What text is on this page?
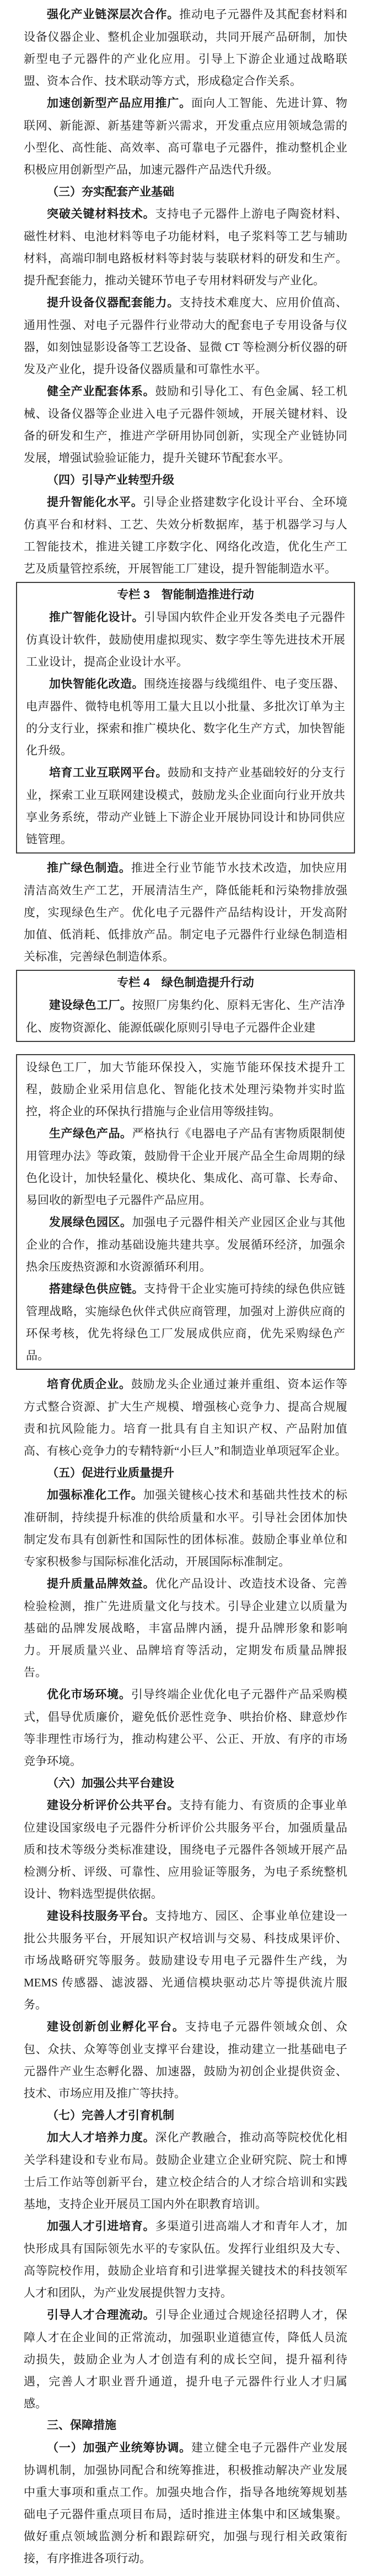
强化产业链深层次合作。推动电子元器件及其配套材料和设备仪器企业、整机企业加强联动，共同开展产品研制，加快新型电子元器件的产业化应用。引导上下游企业通过战略联盟、资本合作、技术联动等方式，形成稳定合作关系。

加速创新型产品应用推广。面向人工智能、先进计算、物联网、新能源、新基建等新兴需求，开发重点应用领域急需的小型化、高性能、高效率、高可靠电子元器件，推动整机企业积极应用创新型产品，加速元器件产品迭代升级。

（三）夯实配套产业基础

突破关键材料技术。支持电子元器件上游电子陶瓷材料、磁性材料、电池材料等电子功能材料，电子浆料等工艺与辅助材料，高端印制电路板材料等封装与装联材料的研发和生产。提升配套能力，推动关键环节电子专用材料研发与产业化。

提升设备仪器配套能力。支持技术难度大、应用价值高、通用性强、对电子元器件行业带动大的配套电子专用设备与仪器，如刻蚀显影设备等工艺设备、显微 CT 等检测分析仪器的研发及产业化，提升设备仪器质量和可靠性水平。

健全产业配套体系。鼓励和引导化工、有色金属、轻工机械、设备仪器等企业进入电子元器件领域，开展关键材料、设备的研发和生产，推进产学研用协同创新，实现全产业链协同发展，增强试验验证能力，提升关键环节配套水平。

（四）引导产业转型升级

提升智能化水平。引导企业搭建数字化设计平台、全环境仿真平台和材料、工艺、失效分析数据库，基于机器学习与人工智能技术，推进关键工序数字化、网络化改造，优化生产工艺及质量管控系统，开展智能工厂建设，提升智能制造水平。

专栏 3　智能制造推进行动

推广智能化设计。引导国内软件企业开发各类电子元器件仿真设计软件，鼓励使用虚拟现实、数字孪生等先进技术开展工业设计，提高企业设计水平。

加快智能化改造。围绕连接器与线缆组件、电子变压器、电声器件、微特电机等用工量大且以小批量、多批次订单为主的分支行业，探索和推广模块化、数字化生产方式，加快智能化升级。

培育工业互联网平台。鼓励和支持产业基础较好的分支行业，探索工业互联网建设模式，鼓励龙头企业面向行业开放共享业务系统，带动产业链上下游企业开展协同设计和协同供应链管理。

推广绿色制造。推进全行业节能节水技术改造，加快应用清洁高效生产工艺，开展清洁生产，降低能耗和污染物排放强度，实现绿色生产。优化电子元器件产品结构设计，开发高附加值、低消耗、低排放产品。制定电子元器件行业绿色制造相关标准，完善绿色制造体系。

专栏 4　绿色制造提升行动

建设绿色工厂。按照厂房集约化、原料无害化、生产洁净化、废物资源化、能源低碳化原则引导电子元器件企业建

设绿色工厂，加大节能环保投入，实施节能环保技术提升工程，鼓励企业采用信息化、智能化技术处理污染物并实时监控，将企业的环保执行措施与企业信用等级挂钩。

生产绿色产品。严格执行《电器电子产品有害物质限制使用管理办法》等政策，鼓励骨干企业开展产品全生命周期的绿色化设计，加快轻量化、模块化、集成化、高可靠、长寿命、易回收的新型电子元器件产品应用。

发展绿色园区。加强电子元器件相关产业园区企业与其他企业的合作，推动基础设施共建共享。发展循环经济，加强余热余压废热资源和水资源循环利用。

搭建绿色供应链。支持骨干企业实施可持续的绿色供应链管理战略，实施绿色伙伴式供应商管理，加强对上游供应商的环保考核，优先将绿色工厂发展成供应商，优先采购绿色产品。

培育优质企业。鼓励龙头企业通过兼并重组、资本运作等方式整合资源、扩大生产规模、增强核心竞争力、提高合规履责和抗风险能力。培育一批具有自主知识产权、产品附加值高、有核心竞争力的专精特新“小巨人”和制造业单项冠军企业。

（五）促进行业质量提升

加强标准化工作。加强关键核心技术和基础共性技术的标准研制，持续提升标准的供给质量和水平。引导社会团体加快制定发布具有创新性和国际性的团体标准。鼓励企事业单位和专家积极参与国际标准化活动，开展国际标准制定。

提升质量品牌效益。优化产品设计、改造技术设备、完善检验检测，推广先进质量文化与技术。引导企业建立以质量为基础的品牌发展战略，丰富品牌内涵，提升品牌形象和影响力。开展质量兴业、品牌培育等活动，定期发布质量品牌报告。

优化市场环境。引导终端企业优化电子元器件产品采购模式，倡导优质廉价，避免低价恶性竞争、哄抬价格、肆意炒作等非理性市场行为，推动构建公平、公正、开放、有序的市场竞争环境。

（六）加强公共平台建设

建设分析评价公共平台。支持有能力、有资质的企事业单位建设国家级电子元器件分析评价公共服务平台，加强质量品质和技术等级分类标准建设，围绕电子元器件各领域开展产品检测分析、评级、可靠性、应用验证等服务，为电子系统整机设计、物料选型提供依据。

建设科技服务平台。支持地方、园区、企事业单位建设一批公共服务平台，开展知识产权培训与交易、科技成果评价、市场战略研究等服务。鼓励建设专用电子元器件生产线，为 MEMS 传感器、滤波器、光通信模块驱动芯片等提供流片服务。

建设创新创业孵化平台。支持电子元器件领域众创、众包、众扶、众筹等创业支撑平台建设，推动建立一批基础电子元器件产业生态孵化器、加速器，鼓励为初创企业提供资金、技术、市场应用及推广等扶持。

（七）完善人才引育机制

加大人才培养力度。深化产教融合，推动高等院校优化相关学科建设和专业布局。鼓励企业建立企业研究院、院士和博士后工作站等创新平台，建立校企结合的人才综合培训和实践基地，支持企业开展员工国内外在职教育培训。

加强人才引进培育。多渠道引进高端人才和青年人才，加快形成具有国际领先水平的专家队伍。发挥行业组织及大专、高等院校作用，鼓励企业培育和引进掌握关键技术的科技领军人才和团队，为产业发展提供智力支持。

引导人才合理流动。引导企业通过合规途径招聘人才，保障人才在企业间的正常流动，加强职业道德宣传，降低人员流动损失，鼓励企业为人才创造有利的成长空间，提升福利待遇，完善人才职业晋升通道，提升电子元器件行业人才归属感。

三、保障措施

（一）加强产业统筹协调。建立健全电子元器件产业发展协调机制，加强协同配合和统筹推进，积极推动解决产业发展中重大事项和重点工作。加强央地合作，指导各地统筹规划基础电子元器件重点项目布局，适时推进主体集中和区域集聚。做好重点领域监测分析和跟踪研究，加强与现行相关政策衔接，有序推进各项行动。
